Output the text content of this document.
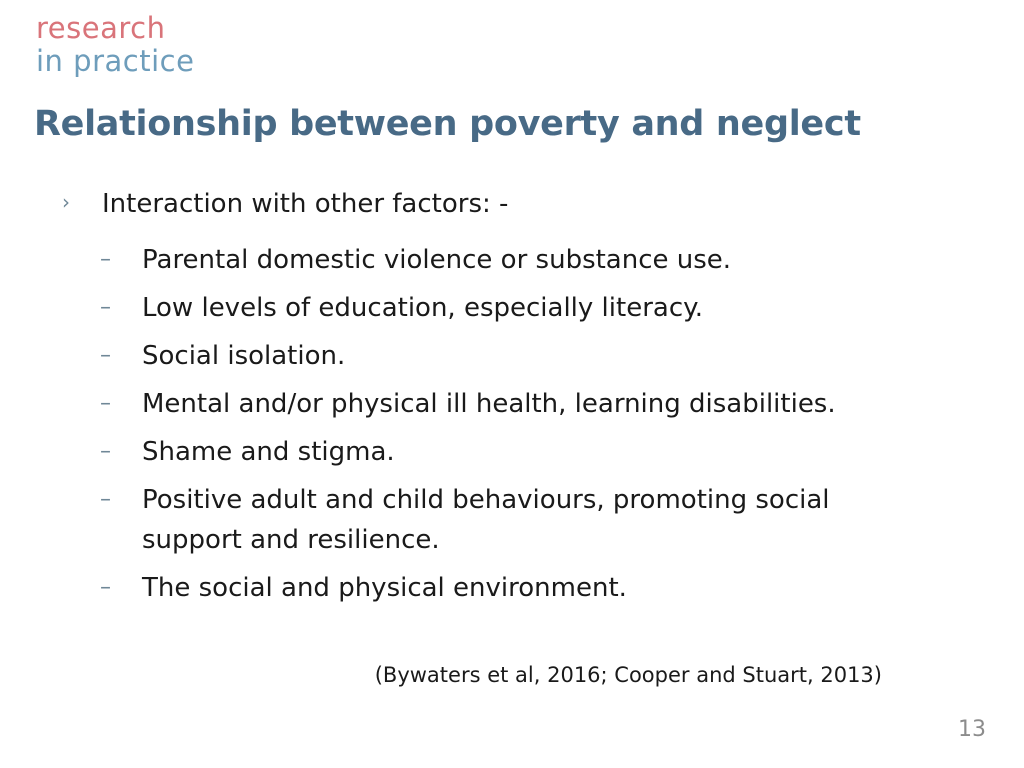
research
in practice
Relationship between poverty and neglect
› Interaction with other factors: -
– Parental domestic violence or substance use.
– Low levels of education, especially literacy.
– Social isolation.
– Mental and/or physical ill health, learning disabilities.
– Shame and stigma.
– Positive adult and child behaviours, promoting social support and resilience.
– The social and physical environment.
(Bywaters et al, 2016; Cooper and Stuart, 2013)
13
